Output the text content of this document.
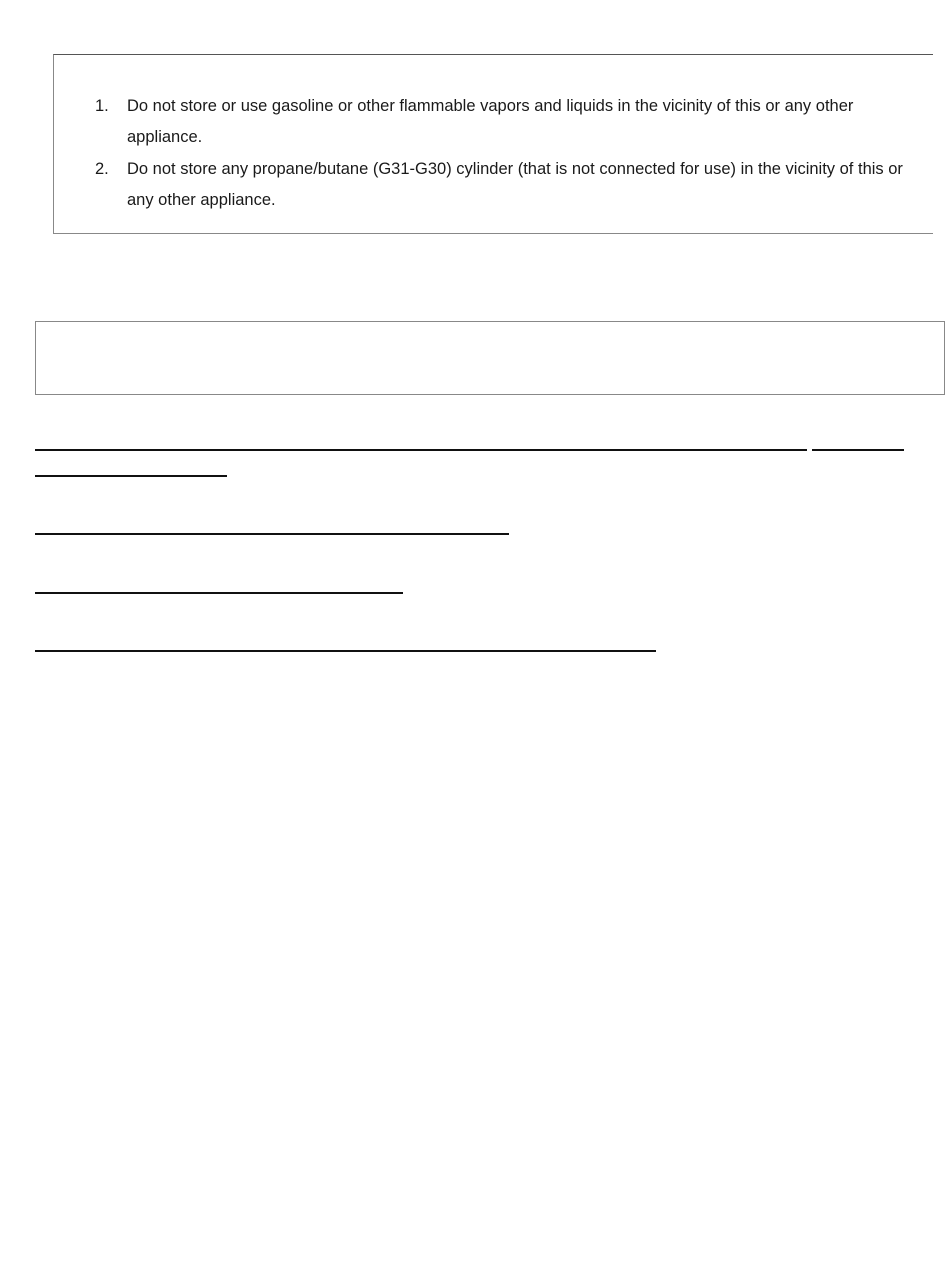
1. Do not store or use gasoline or other flammable vapors and liquids in the vicinity of this or any other appliance.
2. Do not store any propane/butane (G31-G30) cylinder (that is not connected for use) in the vicinity of this or any other appliance.
